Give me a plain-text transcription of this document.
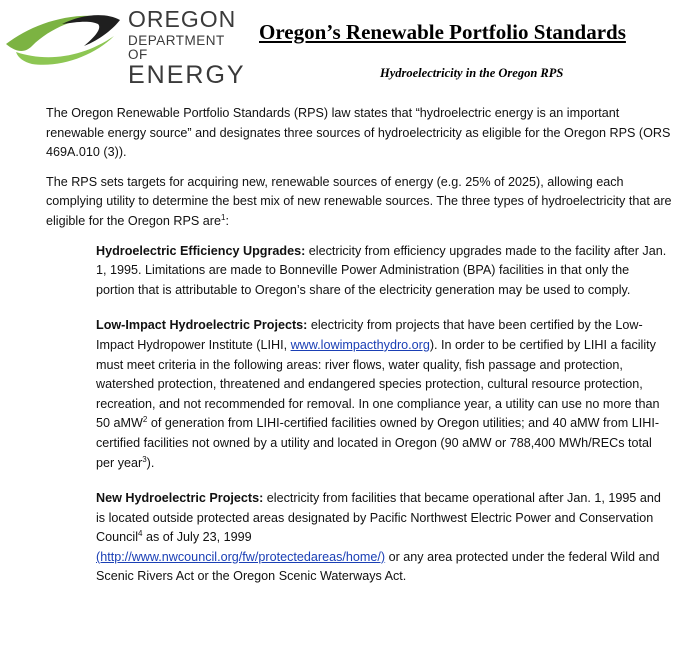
OREGON
DEPARTMENT OF
ENERGY
Oregon’s Renewable Portfolio Standards
Hydroelectricity in the Oregon RPS

The Oregon Renewable Portfolio Standards (RPS) law states that “hydroelectric energy is an important renewable energy source” and designates three sources of hydroelectricity as eligible for the Oregon RPS (ORS 469A.010 (3)).

The RPS sets targets for acquiring new, renewable sources of energy (e.g. 25% of 2025), allowing each complying utility to determine the best mix of new renewable sources. The three types of hydroelectricity that are eligible for the Oregon RPS are$^1$:

Hydroelectric Efficiency Upgrades: electricity from efficiency upgrades made to the facility after Jan. 1, 1995. Limitations are made to Bonneville Power Administration (BPA) facilities in that only the portion that is attributable to Oregon’s share of the electricity generation may be used to comply.

Low-Impact Hydroelectric Projects: electricity from projects that have been certified by the Low-Impact Hydropower Institute (LIHI, www.lowimpacthydro.org). In order to be certified by LIHI a facility must meet criteria in the following areas: river flows, water quality, fish passage and protection, watershed protection, threatened and endangered species protection, cultural resource protection, recreation, and not recommended for removal. In one compliance year, a utility can use no more than 50 aMW$^2$ of generation from LIHI-certified facilities owned by Oregon utilities; and 40 aMW from LIHI-certified facilities not owned by a utility and located in Oregon (90 aMW or 788,400 MWh/RECs total per year$^3$).

New Hydroelectric Projects: electricity from facilities that became operational after Jan. 1, 1995 and is located outside protected areas designated by Pacific Northwest Electric Power and Conservation Council$^4$ as of July 23, 1999
(http://www.nwcouncil.org/fw/protectedareas/home/) or any area protected under the federal Wild and Scenic Rivers Act or the Oregon Scenic Waterways Act.
